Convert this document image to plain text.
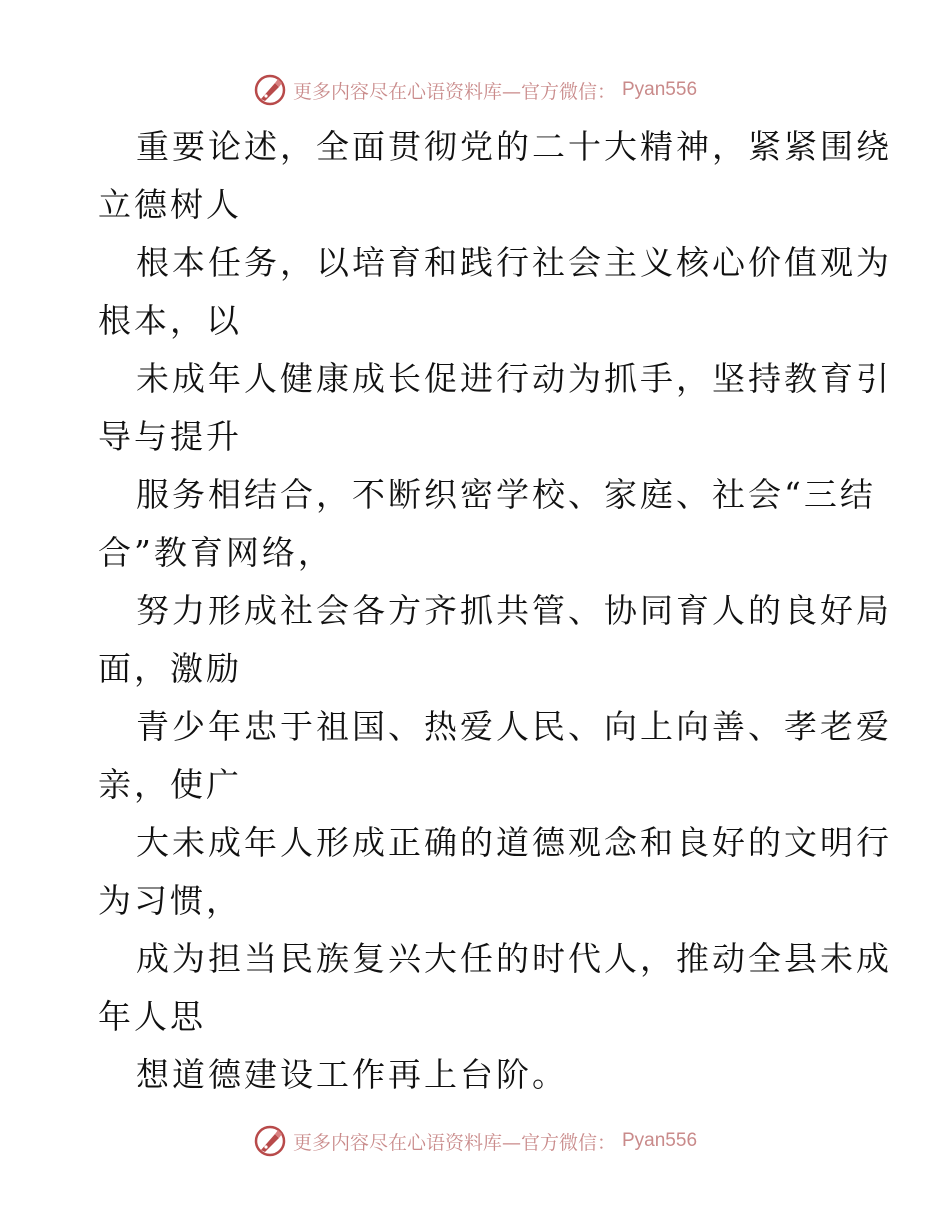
更多内容尽在心语资料库—官方微信： Pyan556
重要论述，全面贯彻党的二十大精神，紧紧围绕
立德树人
根本任务，以培育和践行社会主义核心价值观为
根本，以
未成年人健康成长促进行动为抓手，坚持教育引
导与提升
服务相结合，不断织密学校、家庭、社会“三结
合”教育网络，
努力形成社会各方齐抓共管、协同育人的良好局
面，激励
青少年忠于祖国、热爱人民、向上向善、孝老爱
亲，使广
大未成年人形成正确的道德观念和良好的文明行
为习惯，
成为担当民族复兴大任的时代人，推动全县未成
年人思
想道德建设工作再上台阶。
更多内容尽在心语资料库—官方微信： Pyan556
